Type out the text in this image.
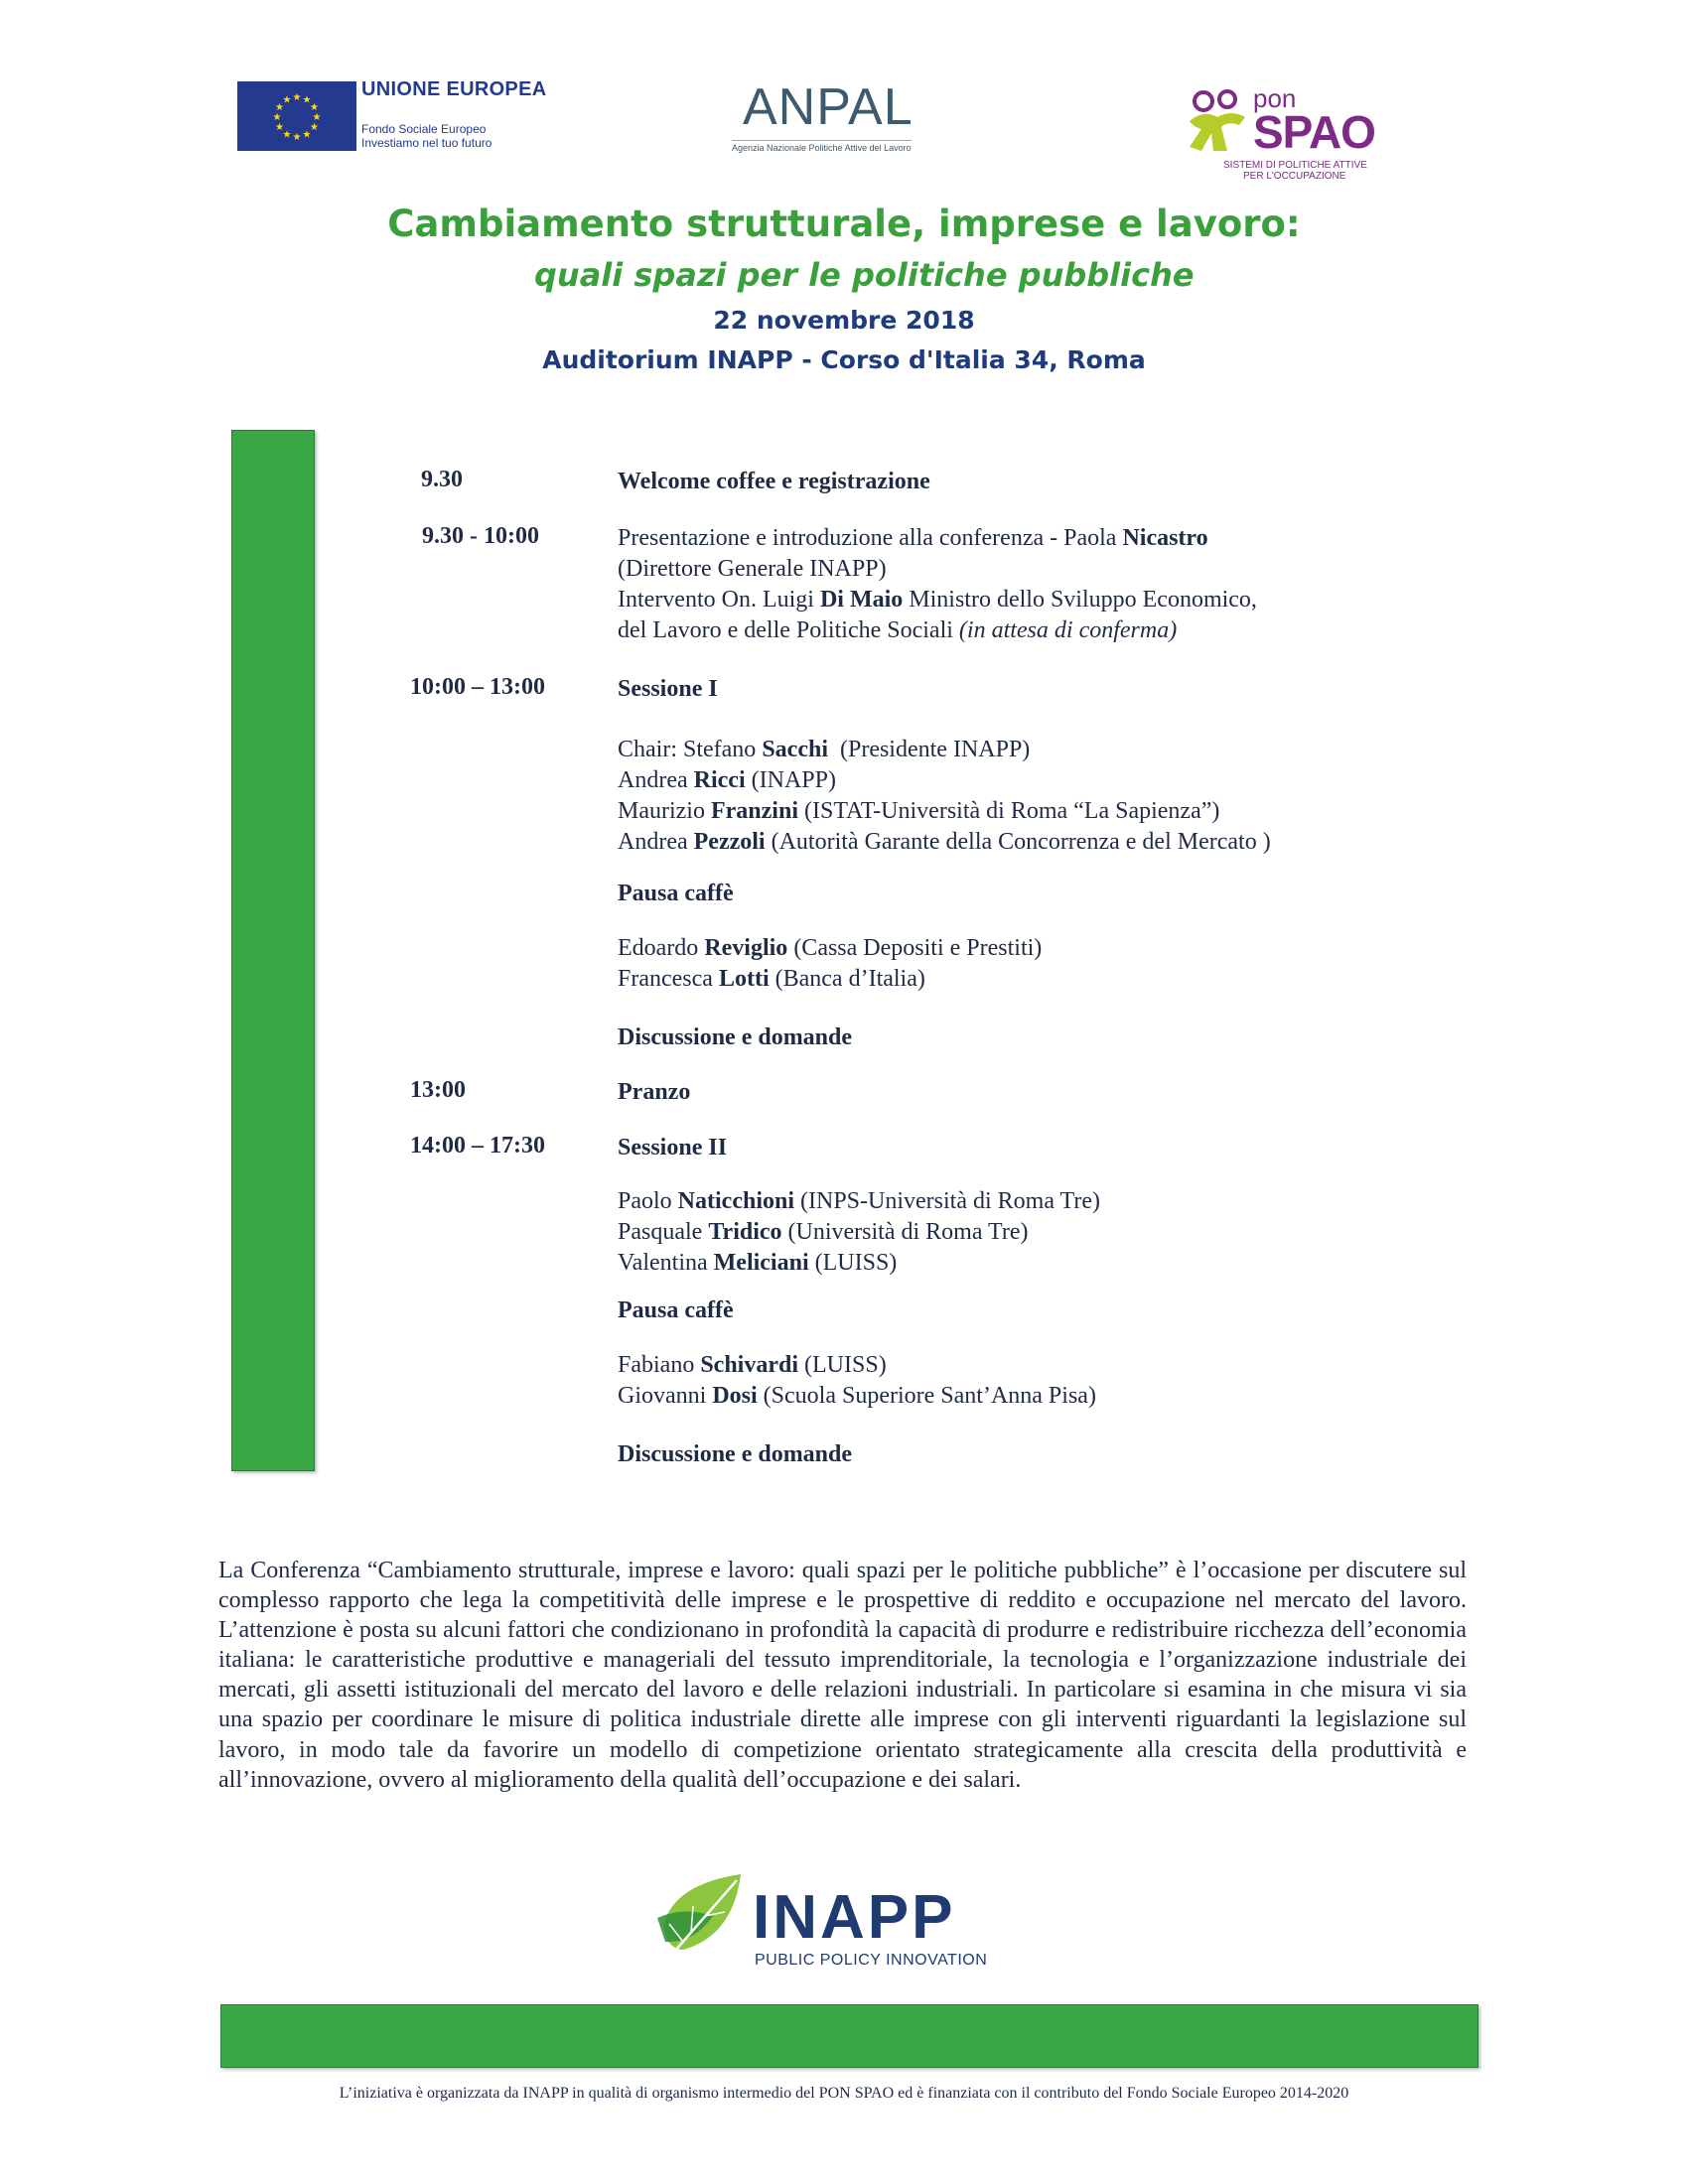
★ ★
★
★
★
★
★
★
★
★
★
★	UNIONE EUROPEA
Fondo Sociale Europeo
Investiamo nel tuo futuro
ANPAL
Agenzia Nazionale Politiche Attive del Lavoro
pon
SPAO
SISTEMI DI POLITICHE ATTIVE
PER L'OCCUPAZIONE
Cambiamento strutturale, imprese e lavoro:
quali spazi per le politiche pubbliche
22 novembre 2018
Auditorium INAPP - Corso d'Italia 34, Roma
9.30
9.30 - 10:00
10:00 – 13:00
13:00
14:00 – 17:30
Welcome coffee e registrazione
Presentazione e introduzione alla conferenza - Paola Nicastro
(Direttore Generale INAPP)
Intervento On. Luigi Di Maio Ministro dello Sviluppo Economico,
del Lavoro e delle Politiche Sociali (in attesa di conferma)
Sessione I
Chair: Stefano Sacchi  (Presidente INAPP)
Andrea Ricci (INAPP)
Maurizio Franzini (ISTAT-Università di Roma “La Sapienza”)
Andrea Pezzoli (Autorità Garante della Concorrenza e del Mercato )
Pausa caffè
Edoardo Reviglio (Cassa Depositi e Prestiti)
Francesca Lotti (Banca d’Italia)
Discussione e domande
Pranzo
Sessione II
Paolo Naticchioni (INPS-Università di Roma Tre)
Pasquale Tridico (Università di Roma Tre)
Valentina Meliciani (LUISS)
Pausa caffè
Fabiano Schivardi (LUISS)
Giovanni Dosi (Scuola Superiore Sant’Anna Pisa)
Discussione e domande
La Conferenza “Cambiamento strutturale, imprese e lavoro: quali spazi per le politiche pubbliche” è l’occasione per discutere sul complesso rapporto che lega la competitività delle imprese e le prospettive di reddito e occupazione nel mercato del lavoro. L’attenzione è posta su alcuni fattori che condizionano in profondità la capacità di produrre e redistribuire ricchezza dell’economia italiana: le caratteristiche produttive e manageriali del tessuto imprenditoriale, la tecnologia e l’organizzazione industriale dei mercati, gli assetti istituzionali del mercato del lavoro e delle relazioni industriali. In particolare si esamina in che misura vi sia una spazio per coordinare le misure di politica industriale dirette alle imprese con gli interventi riguardanti la legislazione sul lavoro, in modo tale da favorire un modello di competizione orientato strategicamente alla crescita della produttività e all’innovazione, ovvero al miglioramento della qualità dell’occupazione e dei salari.
INAPP
PUBLIC POLICY INNOVATION
L’iniziativa è organizzata da INAPP in qualità di organismo intermedio del PON SPAO ed è finanziata con il contributo del Fondo Sociale Europeo 2014-2020
